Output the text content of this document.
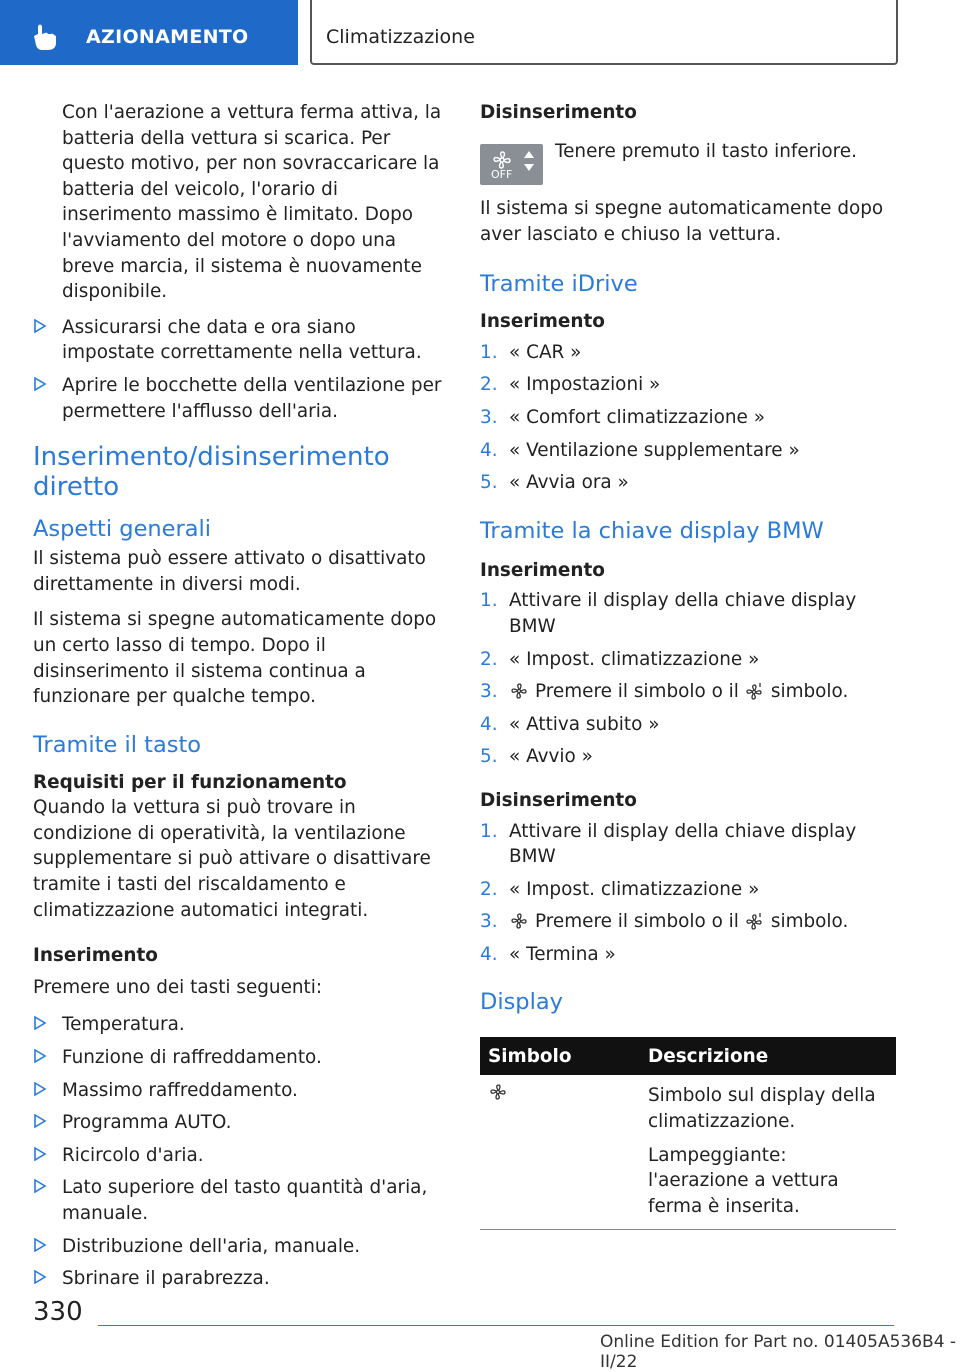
AZIONAMENTO	Climatizzazione

Con l'aerazione a vettura ferma attiva, la batteria della vettura si scarica. Per questo motivo, per non sovraccaricare la batteria del veicolo, l'orario di inserimento massimo è limitato. Dopo l'avviamento del motore o dopo una breve marcia, il sistema è nuovamente disponibile.

Assicurarsi che data e ora siano impostate correttamente nella vettura.
Aprire le bocchette della ventilazione per permettere l'afflusso dell'aria.
Inserimento/disinserimento diretto
Aspetti generali

Il sistema può essere attivato o disattivato direttamente in diversi modi.

Il sistema si spegne automaticamente dopo un certo lasso di tempo. Dopo il disinserimento il sistema continua a funzionare per qualche tempo.

Tramite il tasto
Requisiti per il funzionamento

Quando la vettura si può trovare in condizione di operatività, la ventilazione supplementare si può attivare o disattivare tramite i tasti del riscaldamento e climatizzazione automatici integrati.

Inserimento

Premere uno dei tasti seguenti:

Temperatura.
Funzione di raffreddamento.
Massimo raffreddamento.
Programma AUTO.
Ricircolo d'aria.
Lato superiore del tasto quantità d'aria, manuale.
Distribuzione dell'aria, manuale.
Sbrinare il parabrezza.
Disinserimento
OFF

Tenere premuto il tasto inferiore.

Il sistema si spegne automaticamente dopo aver lasciato e chiuso la vettura.

Tramite iDrive
Inserimento
1. « CAR »
2. « Impostazioni »
3. « Comfort climatizzazione »
4. « Ventilazione supplementare »
5. « Avvia ora »
Tramite la chiave display BMW
Inserimento
1. Attivare il display della chiave display BMW
2. « Impost. climatizzazione »
3. Premere il simbolo o il simbolo.
4. « Attiva subito »
5. « Avvio »
Disinserimento
1. Attivare il display della chiave display BMW
2. « Impost. climatizzazione »
3. Premere il simbolo o il simbolo.
4. « Termina »
Display
Simbolo	Descrizione

Simbolo sul display della climatizzazione.

Lampeggiante: l'aerazione a vettura ferma è inserita.

330
Online Edition for Part no. 01405A536B4 - II/22
